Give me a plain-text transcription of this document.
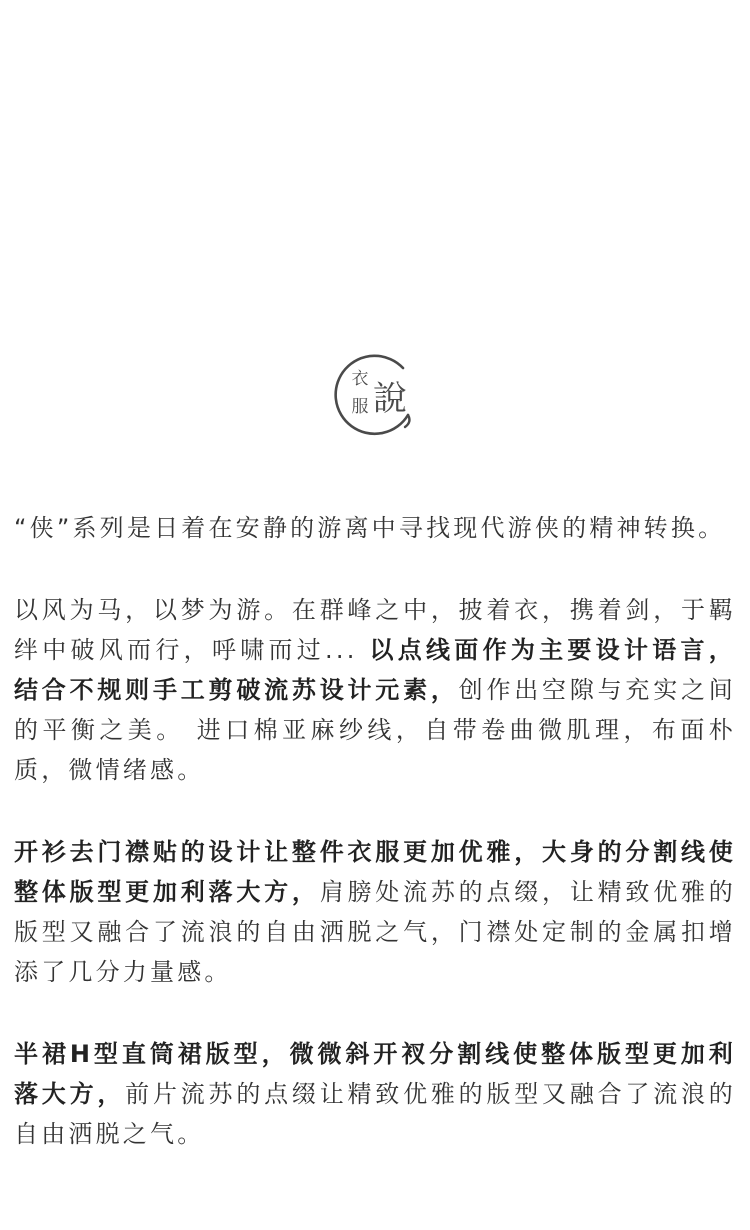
衣
服 說

“侠”系列是日着在安静的游离中寻找现代游侠的精神转换。

以风为马，以梦为游。在群峰之中，披着衣，携着剑，于羁绊中破风而行，呼啸而过... 以点线面作为主要设计语言，结合不规则手工剪破流苏设计元素，创作出空隙与充实之间的平衡之美。 进口棉亚麻纱线，自带卷曲微肌理，布面朴质，微情绪感。

开衫去门襟贴的设计让整件衣服更加优雅，大身的分割线使整体版型更加利落大方，肩膀处流苏的点缀，让精致优雅的版型又融合了流浪的自由洒脱之气，门襟处定制的金属扣增添了几分力量感。

半裙H型直筒裙版型，微微斜开衩分割线使整体版型更加利落大方，前片流苏的点缀让精致优雅的版型又融合了流浪的自由洒脱之气。
